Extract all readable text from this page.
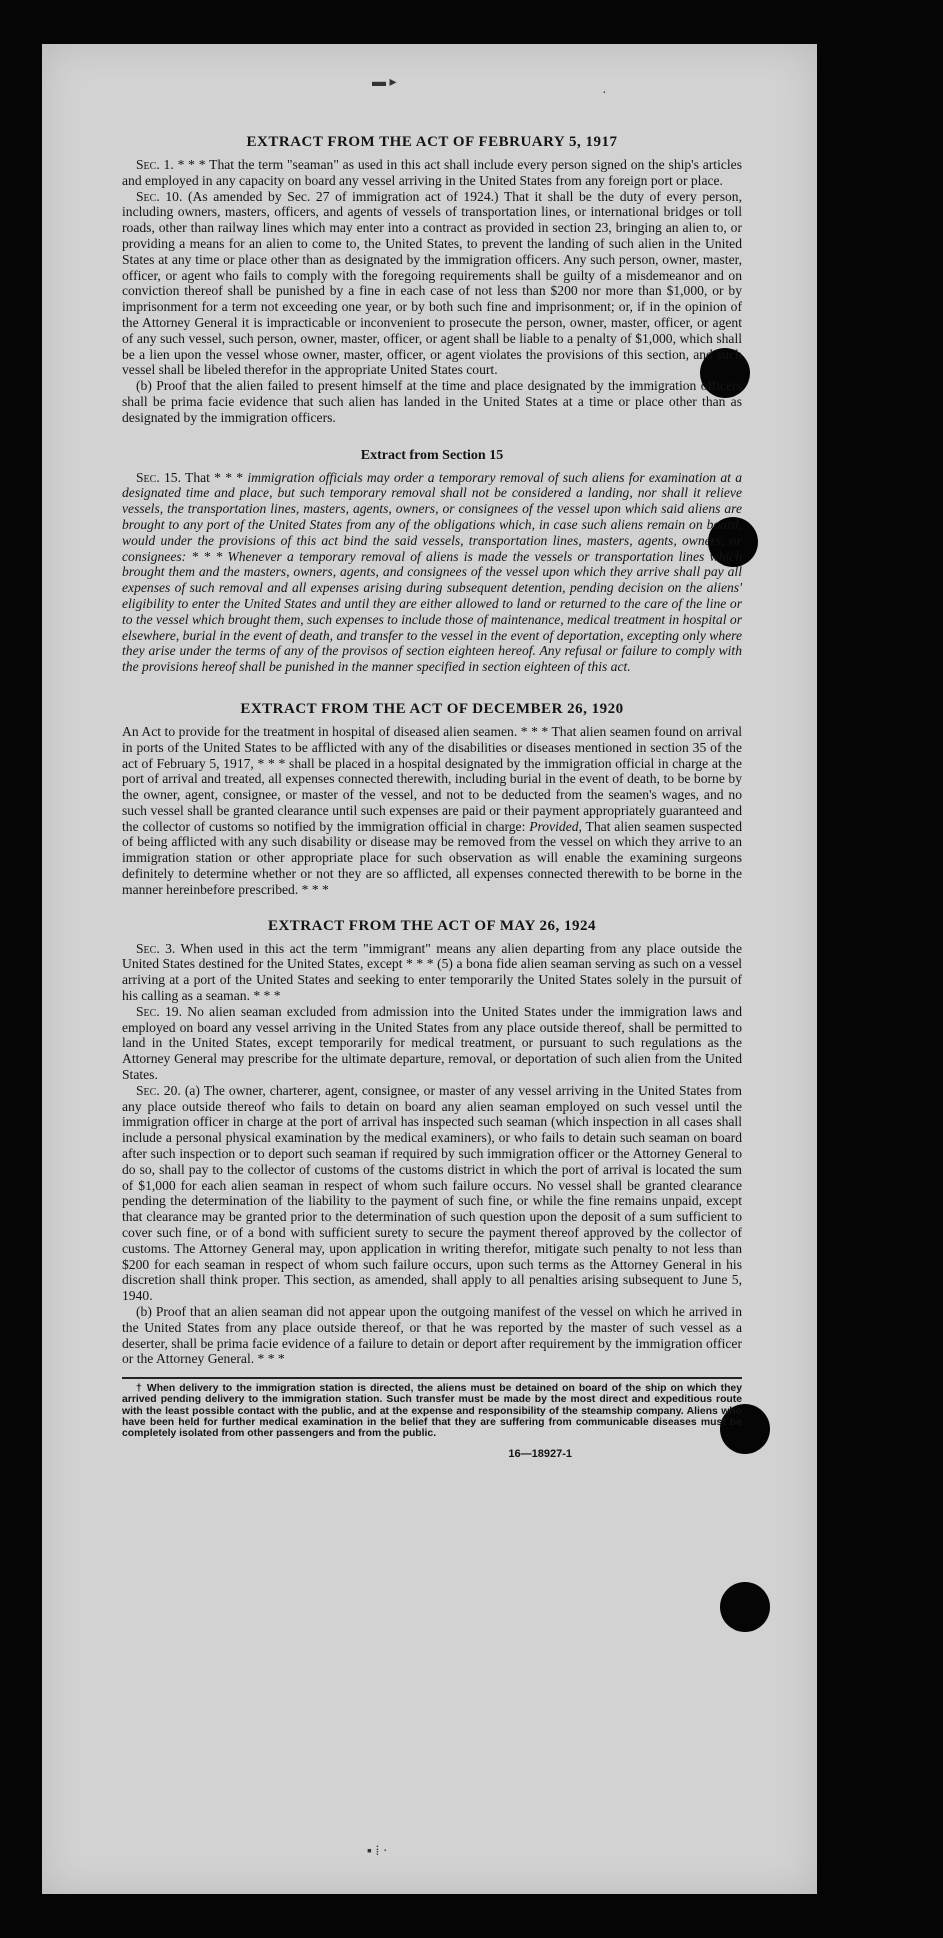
▬ ▸
·
▪ ⁞ ·
EXTRACT FROM THE ACT OF FEBRUARY 5, 1917

Sec. 1. * * * That the term "seaman" as used in this act shall include every person signed on the ship's articles and employed in any capacity on board any vessel arriving in the United States from any foreign port or place.

Sec. 10. (As amended by Sec. 27 of immigration act of 1924.) That it shall be the duty of every person, including owners, masters, officers, and agents of vessels of transportation lines, or international bridges or toll roads, other than railway lines which may enter into a contract as provided in section 23, bringing an alien to, or providing a means for an alien to come to, the United States, to prevent the landing of such alien in the United States at any time or place other than as designated by the immigration officers. Any such person, owner, master, officer, or agent who fails to comply with the foregoing requirements shall be guilty of a misdemeanor and on conviction thereof shall be punished by a fine in each case of not less than $200 nor more than $1,000, or by imprisonment for a term not exceeding one year, or by both such fine and imprisonment; or, if in the opinion of the Attorney General it is impracticable or inconvenient to prosecute the person, owner, master, officer, or agent of any such vessel, such person, owner, master, officer, or agent shall be liable to a penalty of $1,000, which shall be a lien upon the vessel whose owner, master, officer, or agent violates the provisions of this section, and such vessel shall be libeled therefor in the appropriate United States court.

(b) Proof that the alien failed to present himself at the time and place designated by the immigration officers shall be prima facie evidence that such alien has landed in the United States at a time or place other than as designated by the immigration officers.

Extract from Section 15

Sec. 15. That * * * immigration officials may order a temporary removal of such aliens for examination at a designated time and place, but such temporary removal shall not be considered a landing, nor shall it relieve vessels, the transportation lines, masters, agents, owners, or consignees of the vessel upon which said aliens are brought to any port of the United States from any of the obligations which, in case such aliens remain on board, would under the provisions of this act bind the said vessels, transportation lines, masters, agents, owners, or consignees: * * * Whenever a temporary removal of aliens is made the vessels or transportation lines which brought them and the masters, owners, agents, and consignees of the vessel upon which they arrive shall pay all expenses of such removal and all expenses arising during subsequent detention, pending decision on the aliens' eligibility to enter the United States and until they are either allowed to land or returned to the care of the line or to the vessel which brought them, such expenses to include those of maintenance, medical treatment in hospital or elsewhere, burial in the event of death, and transfer to the vessel in the event of deportation, excepting only where they arise under the terms of any of the provisos of section eighteen hereof. Any refusal or failure to comply with the provisions hereof shall be punished in the manner specified in section eighteen of this act.

EXTRACT FROM THE ACT OF DECEMBER 26, 1920

An Act to provide for the treatment in hospital of diseased alien seamen. * * * That alien seamen found on arrival in ports of the United States to be afflicted with any of the disabilities or diseases mentioned in section 35 of the act of February 5, 1917, * * * shall be placed in a hospital designated by the immigration official in charge at the port of arrival and treated, all expenses connected therewith, including burial in the event of death, to be borne by the owner, agent, consignee, or master of the vessel, and not to be deducted from the seamen's wages, and no such vessel shall be granted clearance until such expenses are paid or their payment appropriately guaranteed and the collector of customs so notified by the immigration official in charge: Provided, That alien seamen suspected of being afflicted with any such disability or disease may be removed from the vessel on which they arrive to an immigration station or other appropriate place for such observation as will enable the examining surgeons definitely to determine whether or not they are so afflicted, all expenses connected therewith to be borne in the manner hereinbefore prescribed. * * *

EXTRACT FROM THE ACT OF MAY 26, 1924

Sec. 3. When used in this act the term "immigrant" means any alien departing from any place outside the United States destined for the United States, except * * * (5) a bona fide alien seaman serving as such on a vessel arriving at a port of the United States and seeking to enter temporarily the United States solely in the pursuit of his calling as a seaman. * * *

Sec. 19. No alien seaman excluded from admission into the United States under the immigration laws and employed on board any vessel arriving in the United States from any place outside thereof, shall be permitted to land in the United States, except temporarily for medical treatment, or pursuant to such regulations as the Attorney General may prescribe for the ultimate departure, removal, or deportation of such alien from the United States.

Sec. 20. (a) The owner, charterer, agent, consignee, or master of any vessel arriving in the United States from any place outside thereof who fails to detain on board any alien seaman employed on such vessel until the immigration officer in charge at the port of arrival has inspected such seaman (which inspection in all cases shall include a personal physical examination by the medical examiners), or who fails to detain such seaman on board after such inspection or to deport such seaman if required by such immigration officer or the Attorney General to do so, shall pay to the collector of customs of the customs district in which the port of arrival is located the sum of $1,000 for each alien seaman in respect of whom such failure occurs. No vessel shall be granted clearance pending the determination of the liability to the payment of such fine, or while the fine remains unpaid, except that clearance may be granted prior to the determination of such question upon the deposit of a sum sufficient to cover such fine, or of a bond with sufficient surety to secure the payment thereof approved by the collector of customs. The Attorney General may, upon application in writing therefor, mitigate such penalty to not less than $200 for each seaman in respect of whom such failure occurs, upon such terms as the Attorney General in his discretion shall think proper. This section, as amended, shall apply to all penalties arising subsequent to June 5, 1940.

(b) Proof that an alien seaman did not appear upon the outgoing manifest of the vessel on which he arrived in the United States from any place outside thereof, or that he was reported by the master of such vessel as a deserter, shall be prima facie evidence of a failure to detain or deport after requirement by the immigration officer or the Attorney General. * * *

† When delivery to the immigration station is directed, the aliens must be detained on board of the ship on which they arrived pending delivery to the immigration station. Such transfer must be made by the most direct and expeditious route with the least possible contact with the public, and at the expense and responsibility of the steamship company. Aliens who have been held for further medical examination in the belief that they are suffering from communicable diseases must be completely isolated from other passengers and from the public.

16—18927-1
